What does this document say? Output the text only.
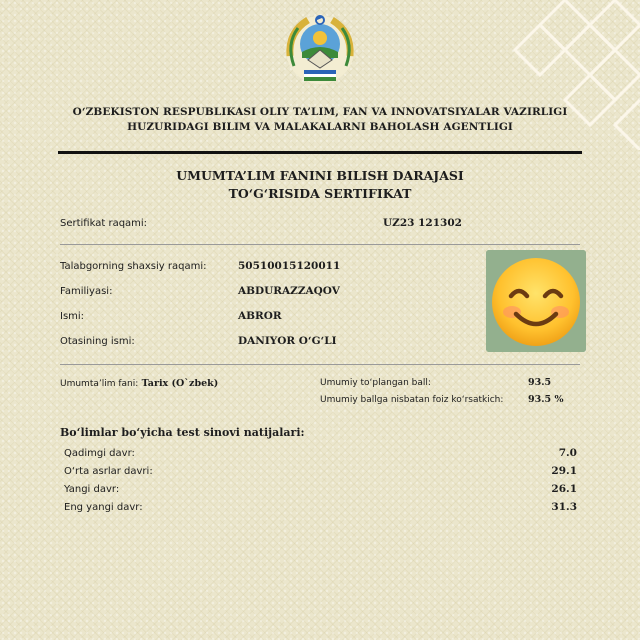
O‘ZBEKISTON RESPUBLIKASI OLIY TA’LIM, FAN VA INNOVATSIYALAR VAZIRLIGI
HUZURIDAGI BILIM VA MALAKALARNI BAHOLASH AGENTLIGI
UMUMTA’LIM FANINI BILISH DARAJASI
TO‘G‘RISIDA SERTIFIKAT
Sertifikat raqami:	UZ23 121302
Talabgorning shaxsiy raqami:	50510015120011
Familiyasi:	ABDURAZZAQOV
Ismi:	ABROR
Otasining ismi:	DANIYOR O‘G‘LI
Umumta’lim fani: Tarix (O`zbek)	Umumiy to‘plangan ball:	93.5
Umumiy ballga nisbatan foiz ko‘rsatkich:	93.5 %
Bo‘limlar bo‘yicha test sinovi natijalari:
Qadimgi davr:	7.0
O‘rta asrlar davri:	29.1
Yangi davr:	26.1
Eng yangi davr:	31.3
